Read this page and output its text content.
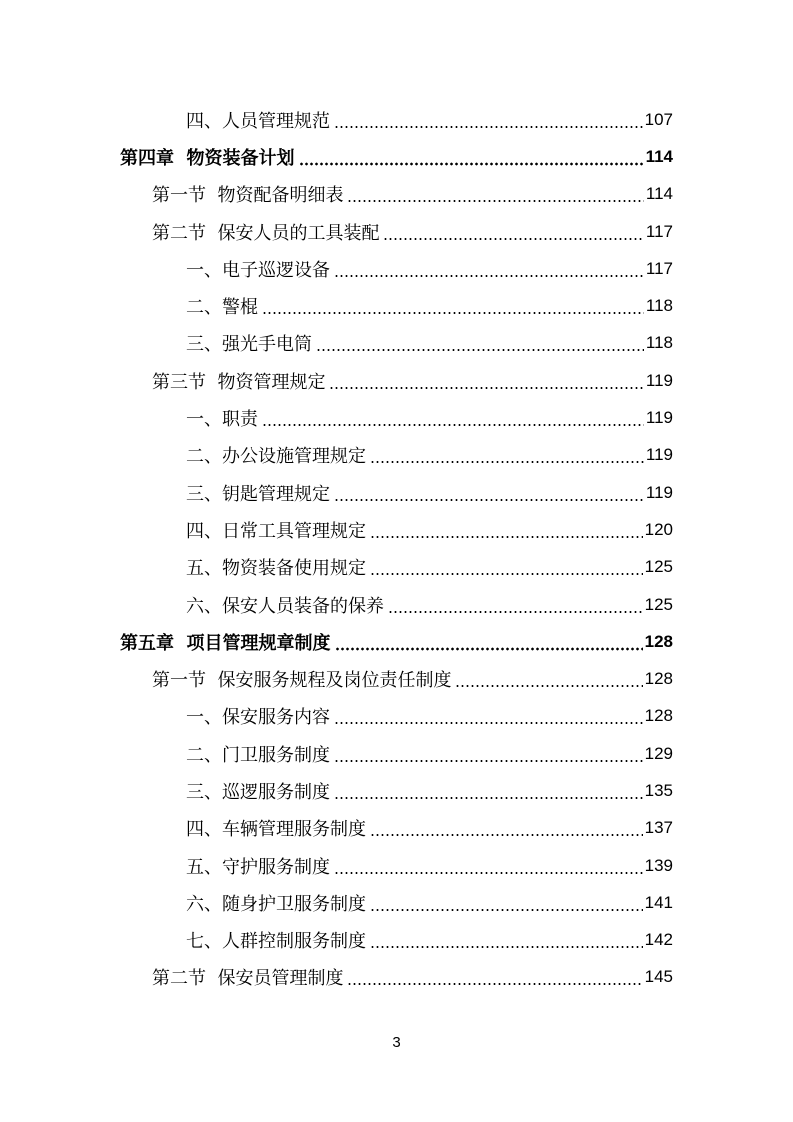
四、人员管理规范	107
第四章  物资装备计划	114
第一节  物资配备明细表	114
第二节  保安人员的工具装配	117
一、电子巡逻设备	117
二、警棍	118
三、强光手电筒	118
第三节  物资管理规定	119
一、职责	119
二、办公设施管理规定	119
三、钥匙管理规定	119
四、日常工具管理规定	120
五、物资装备使用规定	125
六、保安人员装备的保养	125
第五章  项目管理规章制度	128
第一节  保安服务规程及岗位责任制度	128
一、保安服务内容	128
二、门卫服务制度	129
三、巡逻服务制度	135
四、车辆管理服务制度	137
五、守护服务制度	139
六、随身护卫服务制度	141
七、人群控制服务制度	142
第二节  保安员管理制度	145
3
